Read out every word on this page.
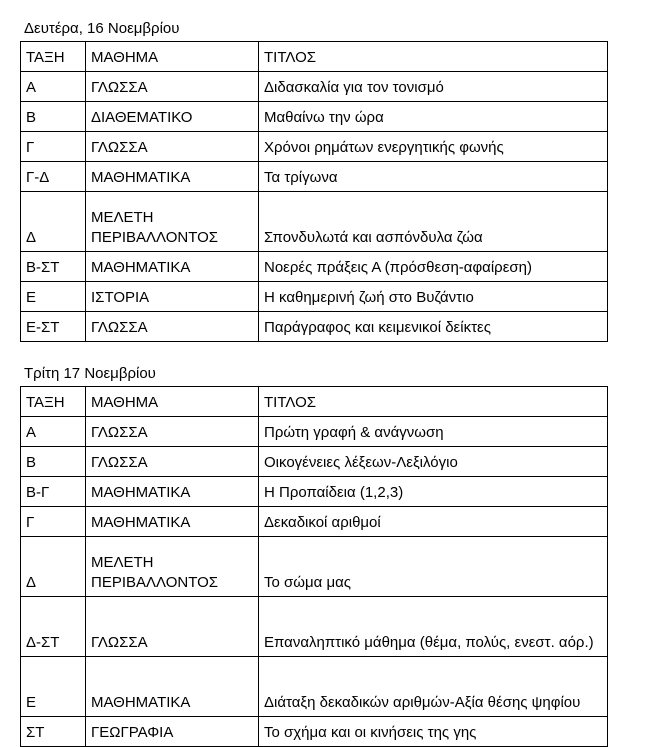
Δευτέρα, 16 Νοεμβρίου
ΤΑΞΗ	ΜΑΘΗΜΑ	ΤΙΤΛΟΣ
Α	ΓΛΩΣΣΑ	Διδασκαλία για τον τονισμό
Β	ΔΙΑΘΕΜΑΤΙΚΟ	Μαθαίνω την ώρα
Γ	ΓΛΩΣΣΑ	Χρόνοι ρημάτων ενεργητικής φωνής
Γ-Δ	ΜΑΘΗΜΑΤΙΚΑ	Τα τρίγωνα
Δ	ΜΕΛΕΤΗ ΠΕΡΙΒΑΛΛΟΝΤΟΣ	Σπονδυλωτά και ασπόνδυλα ζώα
Β-ΣΤ	ΜΑΘΗΜΑΤΙΚΑ	Νοερές πράξεις Α (πρόσθεση-αφαίρεση)
Ε	ΙΣΤΟΡΙΑ	Η καθημερινή ζωή στο Βυζάντιο
Ε-ΣΤ	ΓΛΩΣΣΑ	Παράγραφος και κειμενικοί δείκτες
Τρίτη 17 Νοεμβρίου
ΤΑΞΗ	ΜΑΘΗΜΑ	ΤΙΤΛΟΣ
Α	ΓΛΩΣΣΑ	Πρώτη γραφή & ανάγνωση
Β	ΓΛΩΣΣΑ	Οικογένειες λέξεων-Λεξιλόγιο
Β-Γ	ΜΑΘΗΜΑΤΙΚΑ	Η Προπαίδεια (1,2,3)
Γ	ΜΑΘΗΜΑΤΙΚΑ	Δεκαδικοί αριθμοί
Δ	ΜΕΛΕΤΗ ΠΕΡΙΒΑΛΛΟΝΤΟΣ	Το σώμα μας
Δ-ΣΤ	ΓΛΩΣΣΑ	Επαναληπτικό μάθημα (θέμα, πολύς, ενεστ. αόρ.)
Ε	ΜΑΘΗΜΑΤΙΚΑ	Διάταξη δεκαδικών αριθμών-Αξία θέσης ψηφίου
ΣΤ	ΓΕΩΓΡΑΦΙΑ	Το σχήμα και οι κινήσεις της γης
